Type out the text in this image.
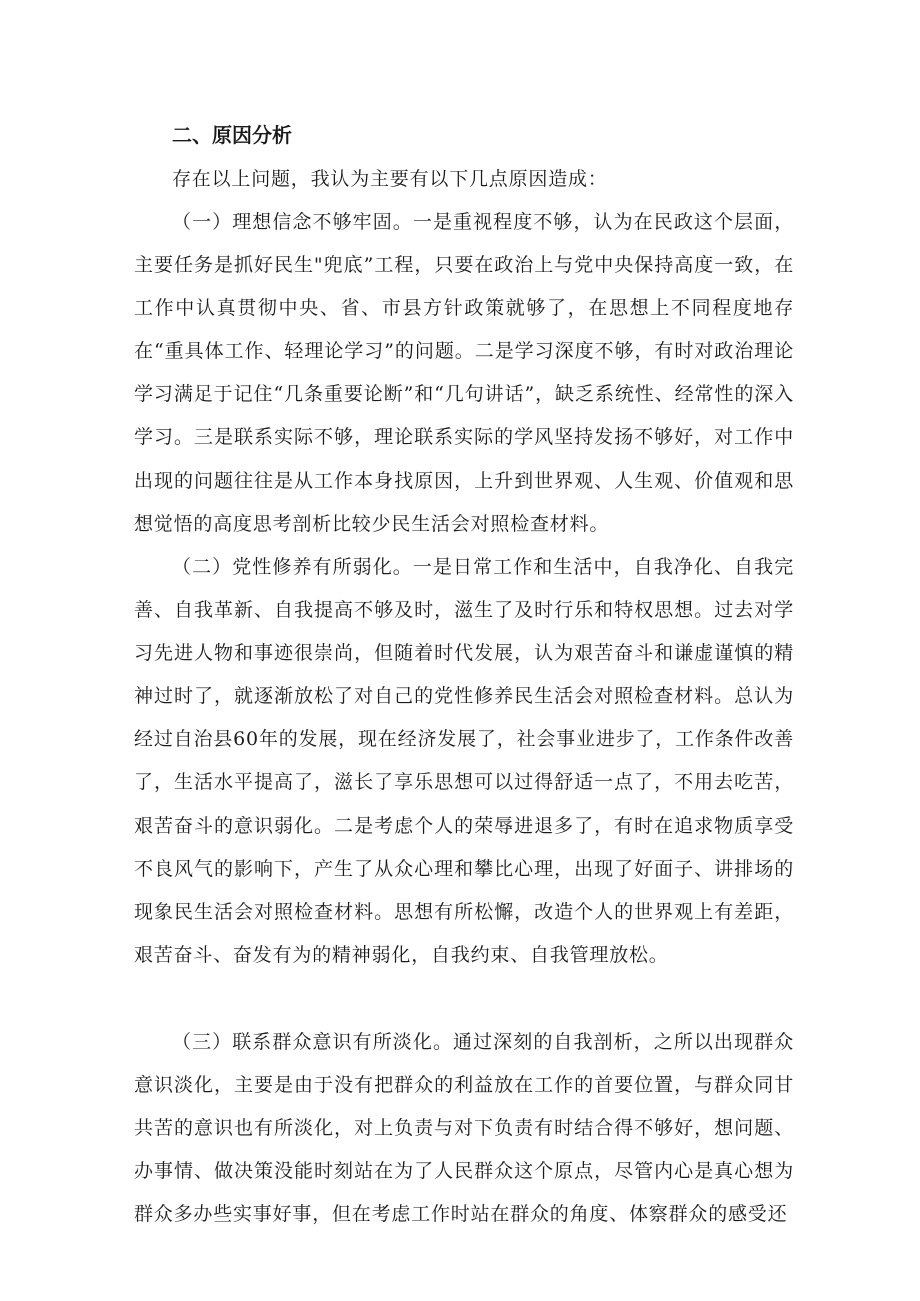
二、原因分析

存在以上问题，我认为主要有以下几点原因造成：

（一）理想信念不够牢固。一是重视程度不够，认为在民政这个层面，主要任务是抓好民生"兜底”工程，只要在政治上与党中央保持高度一致，在工作中认真贯彻中央、省、市县方针政策就够了，在思想上不同程度地存在“重具体工作、轻理论学习”的问题。二是学习深度不够，有时对政治理论学习满足于记住“几条重要论断”和“几句讲话”，缺乏系统性、经常性的深入学习。三是联系实际不够，理论联系实际的学风坚持发扬不够好，对工作中出现的问题往往是从工作本身找原因，上升到世界观、人生观、价值观和思想觉悟的高度思考剖析比较少民生活会对照检查材料。

（二）党性修养有所弱化。一是日常工作和生活中，自我净化、自我完善、自我革新、自我提高不够及时，滋生了及时行乐和特权思想。过去对学习先进人物和事迹很崇尚，但随着时代发展，认为艰苦奋斗和谦虚谨慎的精神过时了，就逐渐放松了对自己的党性修养民生活会对照检查材料。总认为经过自治县60年的发展，现在经济发展了，社会事业进步了，工作条件改善了，生活水平提高了，滋长了享乐思想可以过得舒适一点了，不用去吃苦，艰苦奋斗的意识弱化。二是考虑个人的荣辱进退多了，有时在追求物质享受不良风气的影响下，产生了从众心理和攀比心理，出现了好面子、讲排场的现象民生活会对照检查材料。思想有所松懈，改造个人的世界观上有差距，艰苦奋斗、奋发有为的精神弱化，自我约束、自我管理放松。

（三）联系群众意识有所淡化。通过深刻的自我剖析，之所以出现群众意识淡化，主要是由于没有把群众的利益放在工作的首要位置，与群众同甘共苦的意识也有所淡化，对上负责与对下负责有时结合得不够好，想问题、办事情、做决策没能时刻站在为了人民群众这个原点，尽管内心是真心想为群众多办些实事好事，但在考虑工作时站在群众的角度、体察群众的感受还
